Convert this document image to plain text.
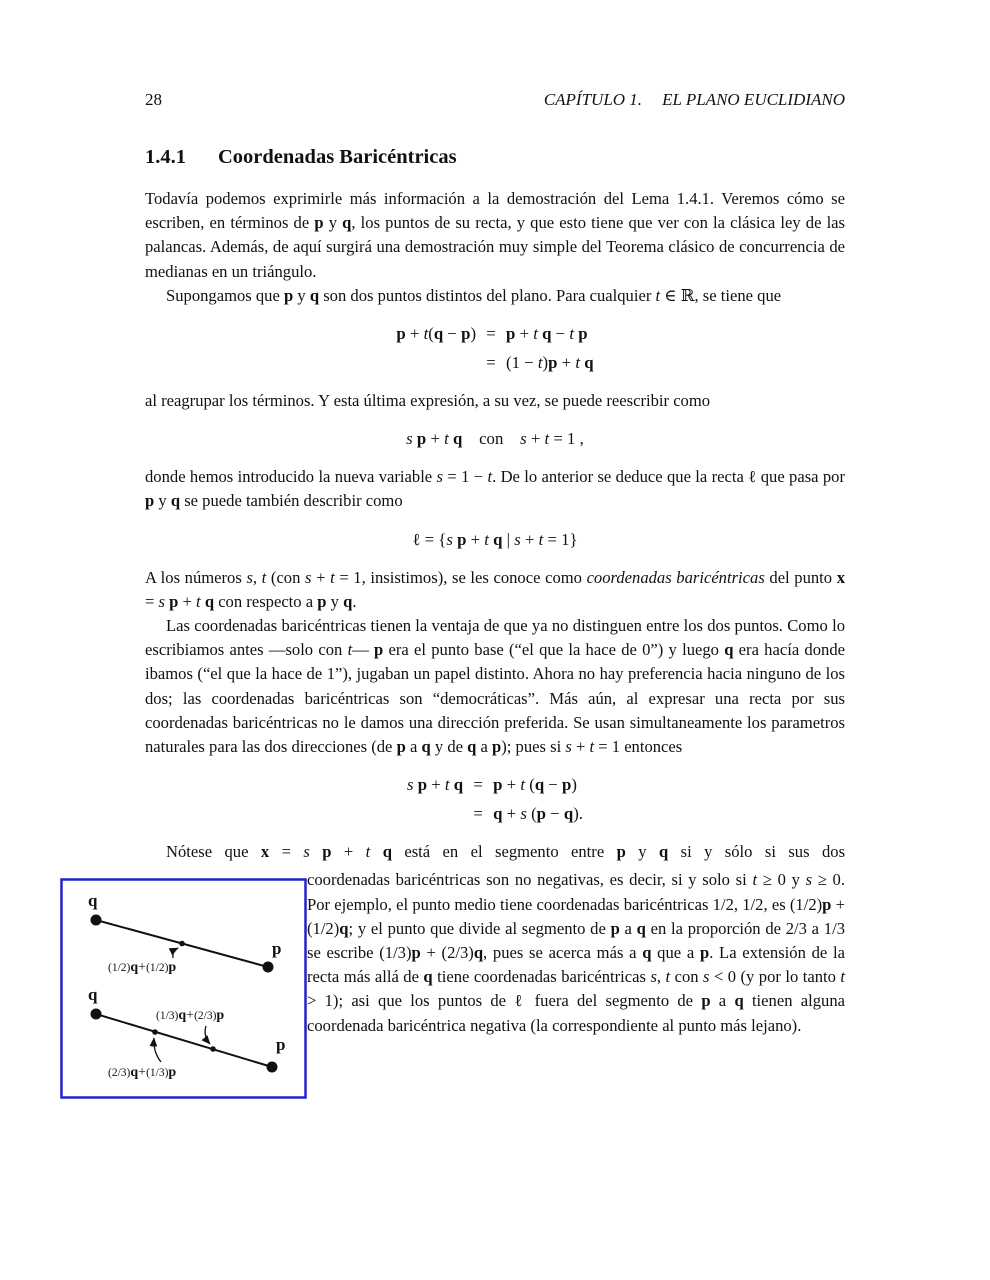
28	CAPÍTULO 1. EL PLANO EUCLIDIANO
1.4.1 Coordenadas Baricéntricas

Todavía podemos exprimirle más información a la demostración del Lema 1.4.1. Veremos cómo se escriben, en términos de p y q, los puntos de su recta, y que esto tiene que ver con la clásica ley de las palancas. Además, de aquí surgirá una demostración muy simple del Teorema clásico de concurrencia de medianas en un triángulo.

Supongamos que p y q son dos puntos distintos del plano. Para cualquier t ∈ ℝ, se tiene que

p + t(q − p) = p + t q − t p
= (1 − t)p + t q

al reagrupar los términos. Y esta última expresión, a su vez, se puede reescribir como

s p + t q con s + t = 1 ,

donde hemos introducido la nueva variable s = 1 − t. De lo anterior se deduce que la recta ℓ que pasa por p y q se puede también describir como

ℓ = {s p + t q | s + t = 1}

A los números s, t (con s + t = 1, insistimos), se les conoce como coordenadas baricéntricas del punto x = s p + t q con respecto a p y q.

Las coordenadas baricéntricas tienen la ventaja de que ya no distinguen entre los dos puntos. Como lo escribiamos antes —solo con t— p era el punto base (“el que la hace de 0”) y luego q era hacía donde ibamos (“el que la hace de 1”), jugaban un papel distinto. Ahora no hay preferencia hacia ninguno de los dos; las coordenadas baricéntricas son “democráticas”. Más aún, al expresar una recta por sus coordenadas baricéntricas no le damos una dirección preferida. Se usan simultaneamente los parametros naturales para las dos direcciones (de p a q y de q a p); pues si s + t = 1 entonces

s p + t q = p + t (q − p)
= q + s (p − q).

Nótese que x = s p + t q está en el segmento entre p y q si y sólo si sus dos

q
p
(1/2)q+(1/2)p
q
p
(1/3)q+(2/3)p
(2/3)q+(1/3)p

coordenadas baricéntricas son no negativas, es decir, si y solo si t ≥ 0 y s ≥ 0. Por ejemplo, el punto medio tiene coordenadas baricéntricas 1/2, 1/2, es (1/2)p + (1/2)q; y el punto que divide al segmento de p a q en la proporción de 2/3 a 1/3 se escribe (1/3)p + (2/3)q, pues se acerca más a q que a p. La extensión de la recta más allá de q tiene coordenadas baricéntricas s, t con s < 0 (y por lo tanto t > 1); asi que los puntos de ℓ fuera del segmento de p a q tienen alguna coordenada baricéntrica negativa (la correspondiente al punto más lejano).
